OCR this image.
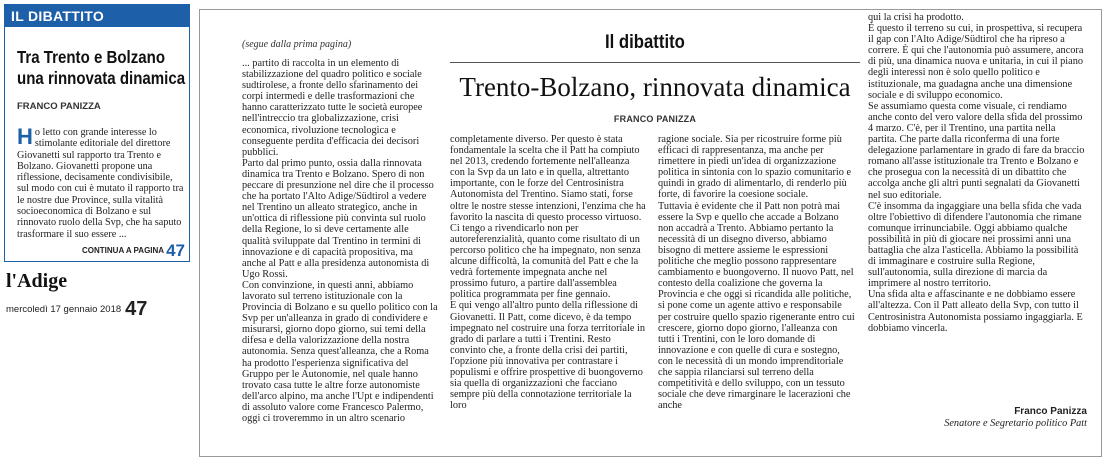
IL DIBATTITO
Tra Trento e Bolzano
una rinnovata dinamica
FRANCO PANIZZA
Ho letto con grande interesse lo stimolante editoriale del direttore Giovanetti sul rapporto tra Trento e Bolzano. Giovanetti propone una riflessione, decisamente condivisibile, sul modo con cui è mutato il rapporto tra le nostre due Province, sulla vitalità socioeconomica di Bolzano e sul rinnovato ruolo della Svp, che ha saputo trasformare il suo essere ...
CONTINUA A PAGINA 47
l'Adige
mercoledì 17 gennaio 2018 47
(segue dalla prima pagina)	Il dibattito
Trento-Bolzano, rinnovata dinamica
FRANCO PANIZZA

... partito di raccolta in un elemento di stabilizzazione del quadro politico e sociale sudtirolese, a fronte dello sfarinamento dei corpi intermedi e delle trasformazioni che hanno caratterizzato tutte le società europee nell'intreccio tra globalizzazione, crisi economica, rivoluzione tecnologica e conseguente perdita d'efficacia dei decisori pubblici.
Parto dal primo punto, ossia dalla rinnovata dinamica tra Trento e Bolzano. Spero di non peccare di presunzione nel dire che il processo che ha portato l'Alto Adige/Südtirol a vedere nel Trentino un alleato strategico, anche in un'ottica di riflessione più convinta sul ruolo della Regione, lo si deve certamente alle qualità sviluppate dal Trentino in termini di innovazione e di capacità propositiva, ma anche al Patt e alla presidenza autonomista di Ugo Rossi.
Con convinzione, in questi anni, abbiamo lavorato sul terreno istituzionale con la Provincia di Bolzano e su quello politico con la Svp per un'alleanza in grado di condividere e misurarsi, giorno dopo giorno, sui temi della difesa e della valorizzazione della nostra autonomia. Senza quest'alleanza, che a Roma ha prodotto l'esperienza significativa del Gruppo per le Autonomie, nel quale hanno trovato casa tutte le altre forze autonomiste dell'arco alpino, ma anche l'Upt e indipendenti di assoluto valore come Francesco Palermo, oggi ci troveremmo in un altro scenario

completamente diverso. Per questo è stata fondamentale la scelta che il Patt ha compiuto nel 2013, credendo fortemente nell'alleanza con la Svp da un lato e in quella, altrettanto importante, con le forze del Centrosinistra Autonomista del Trentino. Siamo stati, forse oltre le nostre stesse intenzioni, l'enzima che ha favorito la nascita di questo processo virtuoso. Ci tengo a rivendicarlo non per autoreferenzialità, quanto come risultato di un percorso politico che ha impegnato, non senza alcune difficoltà, la comunità del Patt e che la vedrà fortemente impegnata anche nel prossimo futuro, a partire dall'assemblea politica programmata per fine gennaio.
E qui vengo all'altro punto della riflessione di Giovanetti. Il Patt, come dicevo, è da tempo impegnato nel costruire una forza territoriale in grado di parlare a tutti i Trentini. Resto convinto che, a fronte della crisi dei partiti, l'opzione più innovativa per contrastare i populismi e offrire prospettive di buongoverno sia quella di organizzazioni che facciano sempre più della connotazione territoriale la loro

ragione sociale. Sia per ricostruire forme più efficaci di rappresentanza, ma anche per rimettere in piedi un'idea di organizzazione politica in sintonia con lo spazio comunitario e quindi in grado di alimentarlo, di renderlo più forte, di favorire la coesione sociale.
Tuttavia è evidente che il Patt non potrà mai essere la Svp e quello che accade a Bolzano non accadrà a Trento. Abbiamo pertanto la necessità di un disegno diverso, abbiamo bisogno di mettere assieme le espressioni politiche che meglio possono rappresentare cambiamento e buongoverno. Il nuovo Patt, nel contesto della coalizione che governa la Provincia e che oggi si ricandida alle politiche, si pone come un agente attivo e responsabile per costruire quello spazio rigenerante entro cui crescere, giorno dopo giorno, l'alleanza con tutti i Trentini, con le loro domande di innovazione e con quelle di cura e sostegno, con le necessità di un mondo imprenditoriale che sappia rilanciarsi sul terreno della competitività e dello sviluppo, con un tessuto sociale che deve rimarginare le lacerazioni che anche

qui la crisi ha prodotto.
È questo il terreno su cui, in prospettiva, si recupera il gap con l'Alto Adige/Südtirol che ha ripreso a correre. È qui che l'autonomia può assumere, ancora di più, una dinamica nuova e unitaria, in cui il piano degli interessi non è solo quello politico e istituzionale, ma guadagna anche una dimensione sociale e di sviluppo economico.
Se assumiamo questa come visuale, ci rendiamo anche conto del vero valore della sfida del prossimo 4 marzo. C'è, per il Trentino, una partita nella partita. Che parte dalla riconferma di una forte delegazione parlamentare in grado di fare da braccio romano all'asse istituzionale tra Trento e Bolzano e che prosegua con la necessità di un dibattito che accolga anche gli altri punti segnalati da Giovanetti nel suo editoriale.
C'è insomma da ingaggiare una bella sfida che vada oltre l'obiettivo di difendere l'autonomia che rimane comunque irrinunciabile. Oggi abbiamo qualche possibilità in più di giocare nei prossimi anni una battaglia che alza l'asticella. Abbiamo la possibilità di immaginare e costruire sulla Regione, sull'autonomia, sulla direzione di marcia da imprimere al nostro territorio.
Una sfida alta e affascinante e ne dobbiamo essere all'altezza. Con il Patt alleato della Svp, con tutto il Centrosinistra Autonomista possiamo ingaggiarla. E dobbiamo vincerla.

Franco Panizza
Senatore e Segretario politico Patt
